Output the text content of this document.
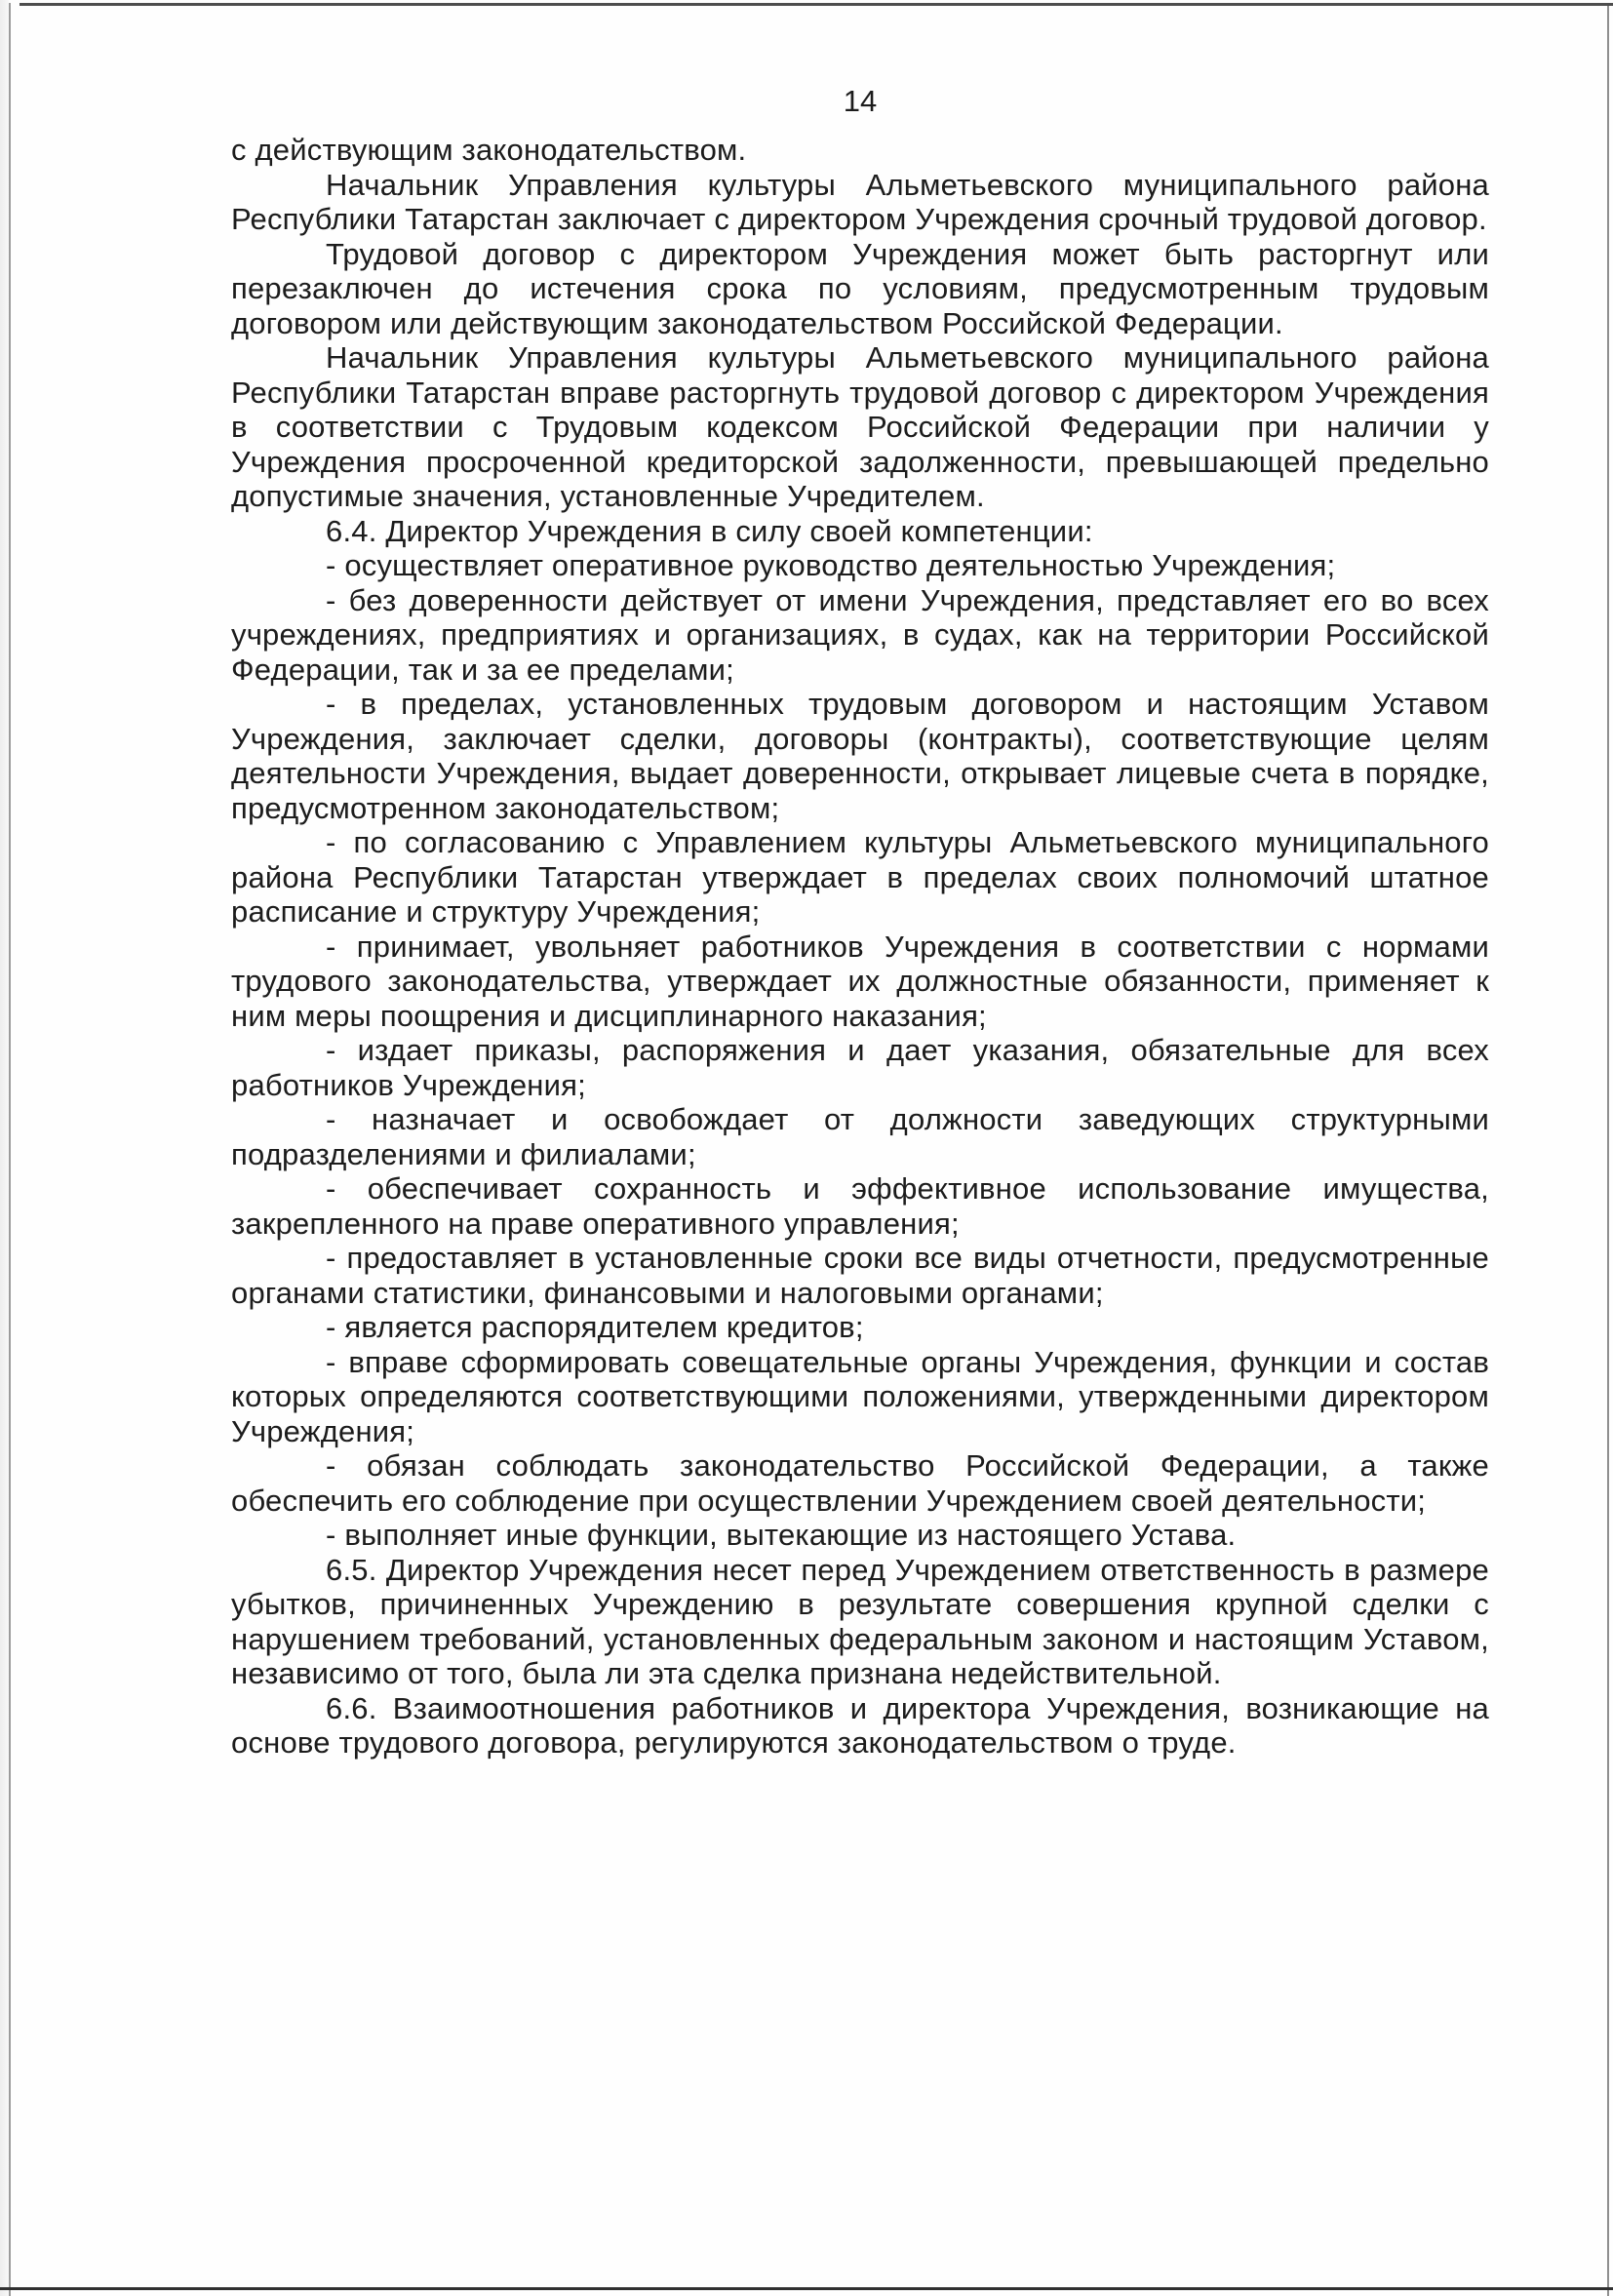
14

с действующим законодательством.

Начальник Управления культуры Альметьевского муниципального района Республики Татарстан заключает с директором Учреждения срочный трудовой договор.

Трудовой договор с директором Учреждения может быть расторгнут или перезаключен до истечения срока по условиям, предусмотренным трудовым договором или действующим законодательством Российской Федерации.

Начальник Управления культуры Альметьевского муниципального района Республики Татарстан вправе расторгнуть трудовой договор с директором Учреждения в соответствии с Трудовым кодексом Российской Федерации при наличии у Учреждения просроченной кредиторской задолженности, превышающей предельно допустимые значения, установленные Учредителем.

6.4. Директор Учреждения в силу своей компетенции:

- осуществляет оперативное руководство деятельностью Учреждения;

- без доверенности действует от имени Учреждения, представляет его во всех учреждениях, предприятиях и организациях, в судах, как на территории Российской Федерации, так и за ее пределами;

- в пределах, установленных трудовым договором и настоящим Уставом Учреждения, заключает сделки, договоры (контракты), соответствующие целям деятельности Учреждения, выдает доверенности, открывает лицевые счета в порядке, предусмотренном законодательством;

- по согласованию с Управлением культуры Альметьевского муниципального района Республики Татарстан утверждает в пределах своих полномочий штатное расписание и структуру Учреждения;

- принимает, увольняет работников Учреждения в соответствии с нормами трудового законодательства, утверждает их должностные обязанности, применяет к ним меры поощрения и дисциплинарного наказания;

- издает приказы, распоряжения и дает указания, обязательные для всех работников Учреждения;

- назначает и освобождает от должности заведующих структурными подразделениями и филиалами;

- обеспечивает сохранность и эффективное использование имущества, закрепленного на праве оперативного управления;

- предоставляет в установленные сроки все виды отчетности, предусмотренные органами статистики, финансовыми и налоговыми органами;

- является распорядителем кредитов;

- вправе сформировать совещательные органы Учреждения, функции и состав которых определяются соответствующими положениями, утвержденными директором Учреждения;

- обязан соблюдать законодательство Российской Федерации, а также обеспечить его соблюдение при осуществлении Учреждением своей деятельности;

- выполняет иные функции, вытекающие из настоящего Устава.

6.5. Директор Учреждения несет перед Учреждением ответственность в размере убытков, причиненных Учреждению в результате совершения крупной сделки с нарушением требований, установленных федеральным законом и настоящим Уставом, независимо от того, была ли эта сделка признана недействительной.

6.6. Взаимоотношения работников и директора Учреждения, возникающие на основе трудового договора, регулируются законодательством о труде.
